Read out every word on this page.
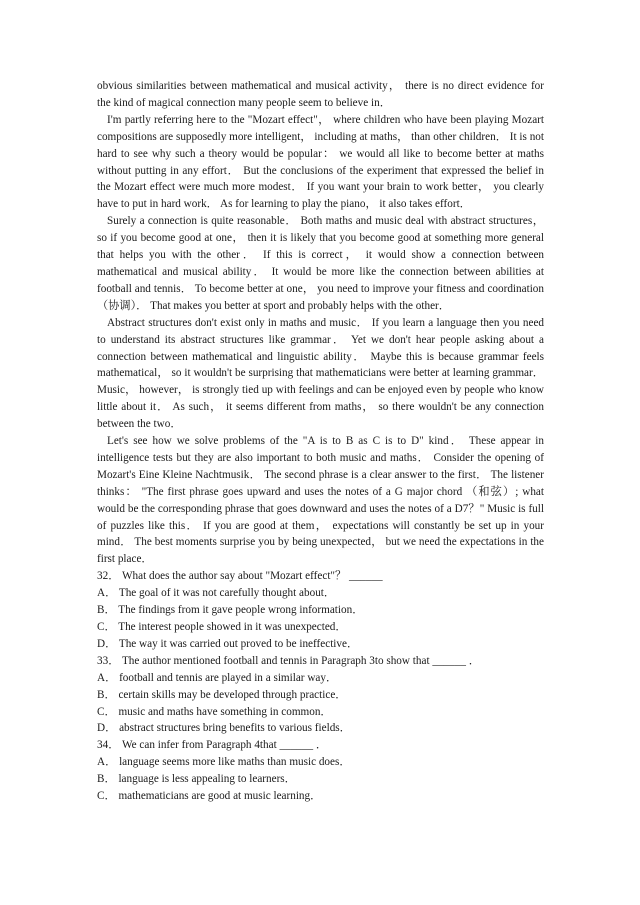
obvious similarities between mathematical and musical activity， there is no direct evidence for the kind of magical connection many people seem to believe in．

I'm partly referring here to the "Mozart effect"， where children who have been playing Mozart compositions are supposedly more intelligent， including at maths， than other children． It is not hard to see why such a theory would be popular： we would all like to become better at maths without putting in any effort． But the conclusions of the experiment that expressed the belief in the Mozart effect were much more modest． If you want your brain to work better， you clearly have to put in hard work． As for learning to play the piano， it also takes effort．

Surely a connection is quite reasonable． Both maths and music deal with abstract structures，so if you become good at one， then it is likely that you become good at something more general that helps you with the other． If this is correct， it would show a connection between mathematical and musical ability． It would be more like the connection between abilities at football and tennis． To become better at one， you need to improve your fitness and coordination （协调）． That makes you better at sport and probably helps with the other．

Abstract structures don't exist only in maths and music． If you learn a language then you need to understand its abstract structures like grammar． Yet we don't hear people asking about a connection between mathematical and linguistic ability． Maybe this is because grammar feels mathematical， so it wouldn't be surprising that mathematicians were better at learning grammar． Music， however， is strongly tied up with feelings and can be enjoyed even by people who know little about it． As such， it seems different from maths， so there wouldn't be any connection between the two．

Let's see how we solve problems of the "A is to B as C is to D" kind． These appear in intelligence tests but they are also important to both music and maths． Consider the opening of Mozart's Eine Kleine Nachtmusik． The second phrase is a clear answer to the first． The listener thinks： "The first phrase goes upward and uses the notes of a G major chord （和弦）; what would be the corresponding phrase that goes downward and uses the notes of a D7？" Music is full of puzzles like this． If you are good at them， expectations will constantly be set up in your mind． The best moments surprise you by being unexpected， but we need the expectations in the first place．

32． What does the author say about "Mozart effect"？ ______

A． The goal of it was not carefully thought about．

B． The findings from it gave people wrong information．

C． The interest people showed in it was unexpected．

D． The way it was carried out proved to be ineffective．

33． The author mentioned football and tennis in Paragraph 3to show that ______ ．

A． football and tennis are played in a similar way．

B． certain skills may be developed through practice．

C． music and maths have something in common．

D． abstract structures bring benefits to various fields．

34． We can infer from Paragraph 4that ______ ．

A． language seems more like maths than music does．

B． language is less appealing to learners．

C． mathematicians are good at music learning．
